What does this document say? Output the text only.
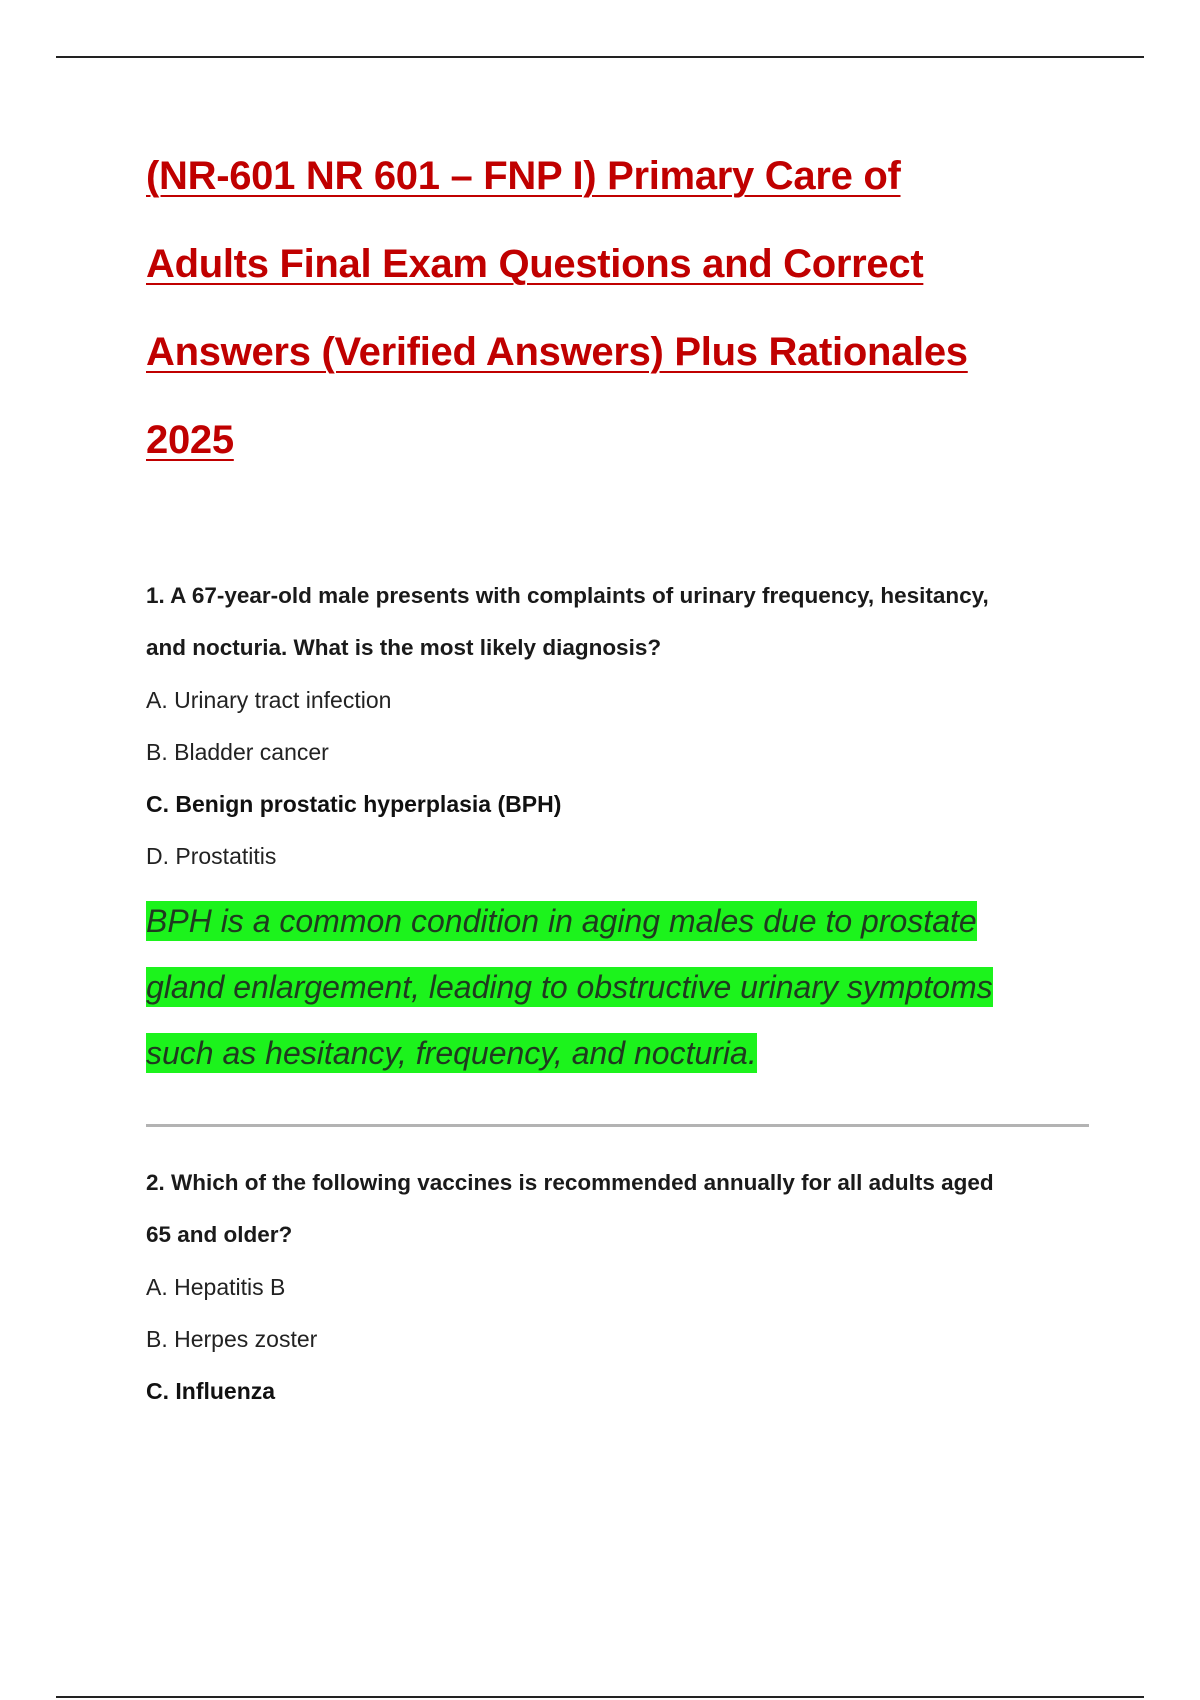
(NR-601 NR 601 – FNP I) Primary Care of
Adults Final Exam Questions and Correct
Answers (Verified Answers) Plus Rationales
2025

1. A 67-year-old male presents with complaints of urinary frequency, hesitancy,
and nocturia. What is the most likely diagnosis?

A. Urinary tract infection

B. Bladder cancer

C. Benign prostatic hyperplasia (BPH)

D. Prostatitis

BPH is a common condition in aging males due to prostate
gland enlargement, leading to obstructive urinary symptoms
such as hesitancy, frequency, and nocturia.

2. Which of the following vaccines is recommended annually for all adults aged
65 and older?

A. Hepatitis B

B. Herpes zoster

C. Influenza
